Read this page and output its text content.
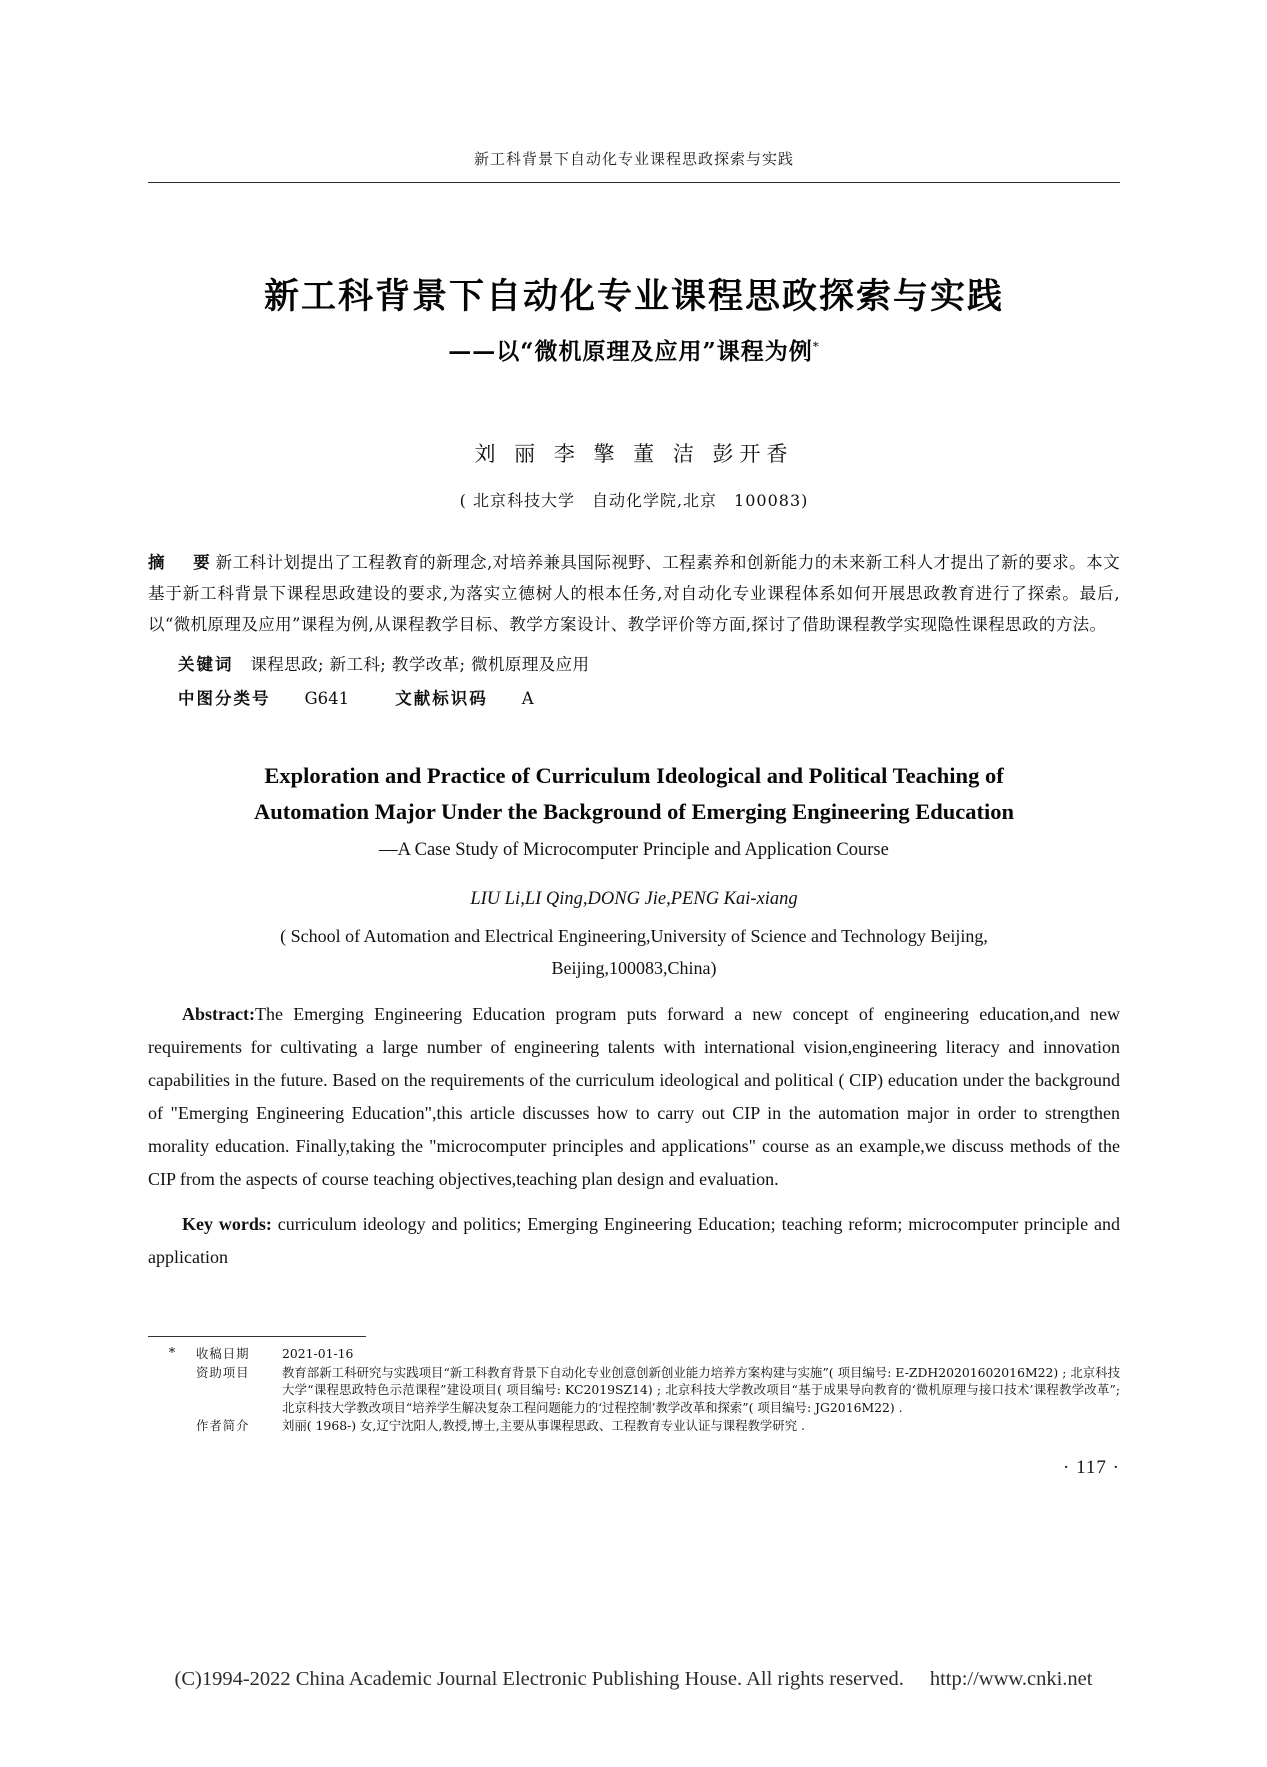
新工科背景下自动化专业课程思政探索与实践
新工科背景下自动化专业课程思政探索与实践
——以“微机原理及应用”课程为例*
刘 丽 李 擎 董 洁 彭开香
( 北京科技大学　自动化学院,北京　100083)
摘　要新工科计划提出了工程教育的新理念,对培养兼具国际视野、工程素养和创新能力的未来新工科人才提出了新的要求。本文基于新工科背景下课程思政建设的要求,为落实立德树人的根本任务,对自动化专业课程体系如何开展思政教育进行了探索。最后,以“微机原理及应用”课程为例,从课程教学目标、教学方案设计、教学评价等方面,探讨了借助课程教学实现隐性课程思政的方法。
关键词　 课程思政; 新工科; 教学改革; 微机原理及应用
中图分类号 G641	文献标识码 A
Exploration and Practice of Curriculum Ideological and Political Teaching of
Automation Major Under the Background of Emerging Engineering Education
—A Case Study of Microcomputer Principle and Application Course
LIU Li,LI Qing,DONG Jie,PENG Kai-xiang
( School of Automation and Electrical Engineering,University of Science and Technology Beijing,
Beijing,100083,China)
Abstract:The Emerging Engineering Education program puts forward a new concept of engineering education,and new requirements for cultivating a large number of engineering talents with international vision,engineering literacy and innovation capabilities in the future. Based on the requirements of the curriculum ideological and political ( CIP) education under the background of "Emerging Engineering Education",this article discusses how to carry out CIP in the automation major in order to strengthen morality education. Finally,taking the "microcomputer principles and applications" course as an example,we discuss methods of the CIP from the aspects of course teaching objectives,teaching plan design and evaluation.
Key words: curriculum ideology and politics; Emerging Engineering Education; teaching reform; microcomputer principle and application
*	收稿日期	2021-01-16
资助项目	教育部新工科研究与实践项目“新工科教育背景下自动化专业创意创新创业能力培养方案构建与实施”( 项目编号: E-ZDH20201602016M22) ; 北京科技大学“课程思政特色示范课程”建设项目( 项目编号: KC2019SZ14) ; 北京科技大学教改项目“基于成果导向教育的‘微机原理与接口技术’课程教学改革”; 北京科技大学教改项目“培养学生解决复杂工程问题能力的‘过程控制’教学改革和探索”( 项目编号: JG2016M22) .
作者简介	刘丽( 1968-) 女,辽宁沈阳人,教授,博士,主要从事课程思政、工程教育专业认证与课程教学研究 .
· 117 ·
(C)1994-2022 China Academic Journal Electronic Publishing House. All rights reserved. http://www.cnki.net
